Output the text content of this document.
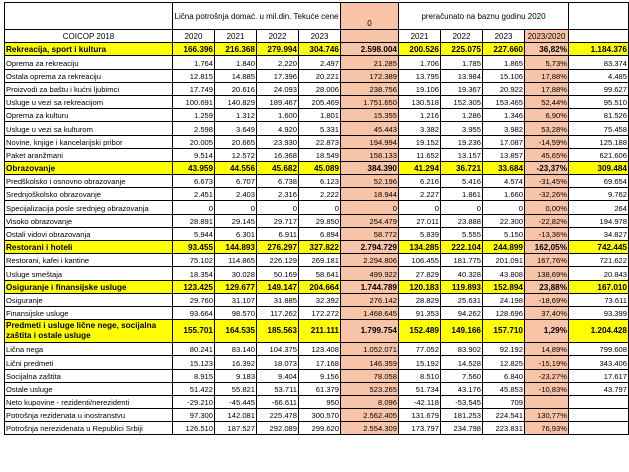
	Lična potrošnja domać. u mil.din. Tekuće cene				0	preračunato na baznu godinu 2020				
COICOP 2018	2020	2021	2022	2023		2021	2022	2023	2023/2020	
Rekreacija, sport i kultura	166.396	216.368	279.994	304.746	2.598.004	200.526	225.075	227.660	36,82%	1.184.376
Oprema za rekreaciju	1.764	1.840	2.220	2.497	21.285	1.706	1.785	1.865	5,73%	83.374
Ostala oprema za rekreaciju	12.815	14.885	17.396	20.221	172.389	13.795	13.984	15.106	17,88%	4.485
Proizvodi za baštu i kućni ljubimci	17.749	20.616	24.093	28.006	238.756	19.106	19.367	20.922	17,88%	99.627
Usluge u vezi sa rekreacijom	100.691	140.829	189.467	205.469	1.751.650	130.518	152.305	153.465	52,44%	95.510
Oprema za kulturu	1.259	1.312	1.600	1.801	15.355	1.216	1.286	1.346	6,90%	81.526
Usluge u vezi sa kulturom	2.598	3.649	4.920	5.331	45.443	3.382	3.955	3.982	53,28%	75.458
Novine, knjige i kancelarijski pribor	20.005	20.665	23.930	22.873	194.994	19.152	19.236	17.087	-14,59%	125.188
Paket aranžmani	9.514	12.572	16.368	18.549	158.133	11.652	13.157	13.857	45,65%	621.606
Obrazovanje	43.959	44.556	45.682	45.089	384.390	41.294	36.721	33.684	-23,37%	309.484
Predškolsko i osnovno obrazovanje	6.673	6.707	6.738	6.123	52.196	6.216	5.416	4.574	-31,45%	69.654
Srednjoškolsko obrazovanje	2.451	2.403	2.316	2.222	18.944	2.227	1.861	1.660	-32,26%	9.762
Specijalizacija posle srednjeg obrazovanja	0	0	0	0	0	0	0	0	0,00%	264
Visoko obrazovanje	28.891	29.145	29.717	29.850	254.479	27.011	23.888	22.300	-22,82%	194.978
Ostali vidovi obrazovanja	5.944	6.301	6.911	6.894	58.772	5.839	5.555	5.150	-13,36%	34.827
Restorani i hoteli	93.455	144.893	276.297	327.822	2.794.729	134.285	222.104	244.899	162,05%	742.445
Restorani, kafei i kantine	75.102	114.865	226.129	269.181	2.294.806	106.455	181.775	201.091	167,76%	721.622
Usluge smeštaja	18.354	30.028	50.169	58.641	499.922	27.829	40.328	43.808	138,69%	20.843
Osiguranje i finansijske usluge	123.425	129.677	149.147	204.664	1.744.789	120.183	119.893	152.894	23,88%	167.010
Osiguranje	29.760	31.107	31.885	32.392	276.142	28.829	25.631	24.198	-18,69%	73.611
Finansijske usluge	93.664	98.570	117.262	172.272	1.468.645	91.353	94.262	128.696	37,40%	93.399
Predmeti i usluge lične nege, socijalna zaštita i ostale usluge	155.701	164.535	185.563	211.111	1.799.754	152.489	149.166	157.710	1,29%	1.204.428
Lična nega	80.241	83.140	104.375	123.408	1.052.071	77.052	83.902	92.192	14,89%	799.608
Lični predmeti	15.123	16.392	18.073	17.168	146.359	15.192	14.528	12.825	-15,19%	343.406
Socijalna zaštita	8.915	9.183	9.404	9.156	78.058	8.510	7.560	6.840	-23,27%	17.617
Ostale usluge	51.422	55.821	53.711	61.379	523.265	51.734	43.176	45.853	-10,83%	43.797
Neto kupovine - rezidenti/nerezidenti	-29.210	-45.445	-66.611	950	8.096	-42.118	-53.545	709		
Potrošnja rezidenata u inostranstvu	97.300	142.081	225.478	300.570	2.562.405	131.679	181.253	224.541	130,77%	
Potrošnja nerezidenata u Republici Srbiji	126.510	187.527	292.089	299.620	2.554.309	173.797	234.798	223.831	76,93%	
